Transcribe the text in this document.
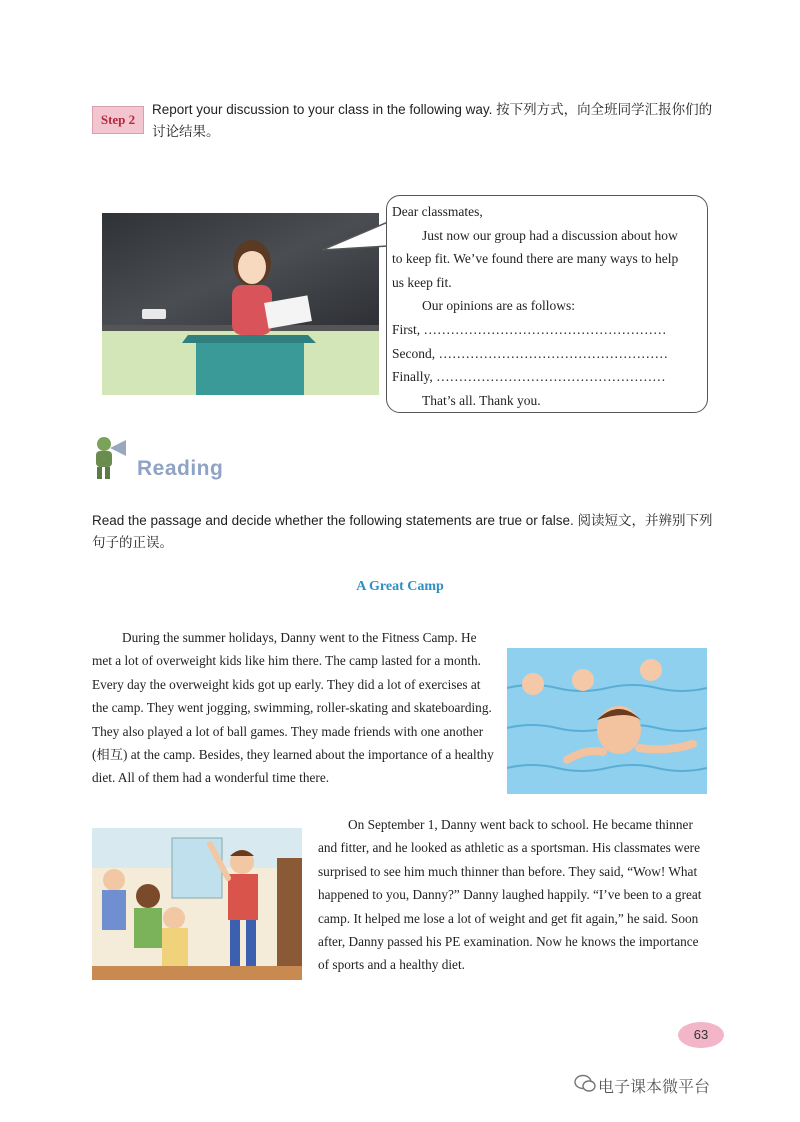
Step 2
Report your discussion to your class in the following way. 按下列方式，向全班同学汇报你们的讨论结果。
Dear classmates,
Just now our group had a discussion about how
to keep fit. We’ve found there are many ways to help
us keep fit.
Our opinions are as follows:
First, ………………………………………………
Second, ……………………………………………
Finally, ……………………………………………
That’s all. Thank you.
Reading
Read the passage and decide whether the following statements are true or false. 阅读短文，并辨别下列句子的正误。
A Great Camp
During the summer holidays, Danny went to the Fitness Camp. He met a lot of overweight kids like him there. The camp lasted for a month. Every day the overweight kids got up early. They did a lot of exercises at the camp. They went jogging, swimming, roller-skating and skateboarding. They also played a lot of ball games. They made friends with one another (相互) at the camp. Besides, they learned about the importance of a healthy diet. All of them had a wonderful time there.
On September 1, Danny went back to school. He became thinner and fitter, and he looked as athletic as a sportsman. His classmates were surprised to see him much thinner than before. They said, “Wow! What happened to you, Danny?” Danny laughed happily. “I’ve been to a great camp. It helped me lose a lot of weight and get fit again,” he said. Soon after, Danny passed his PE examination. Now he knows the importance of sports and a healthy diet.
63
电子课本微平台
